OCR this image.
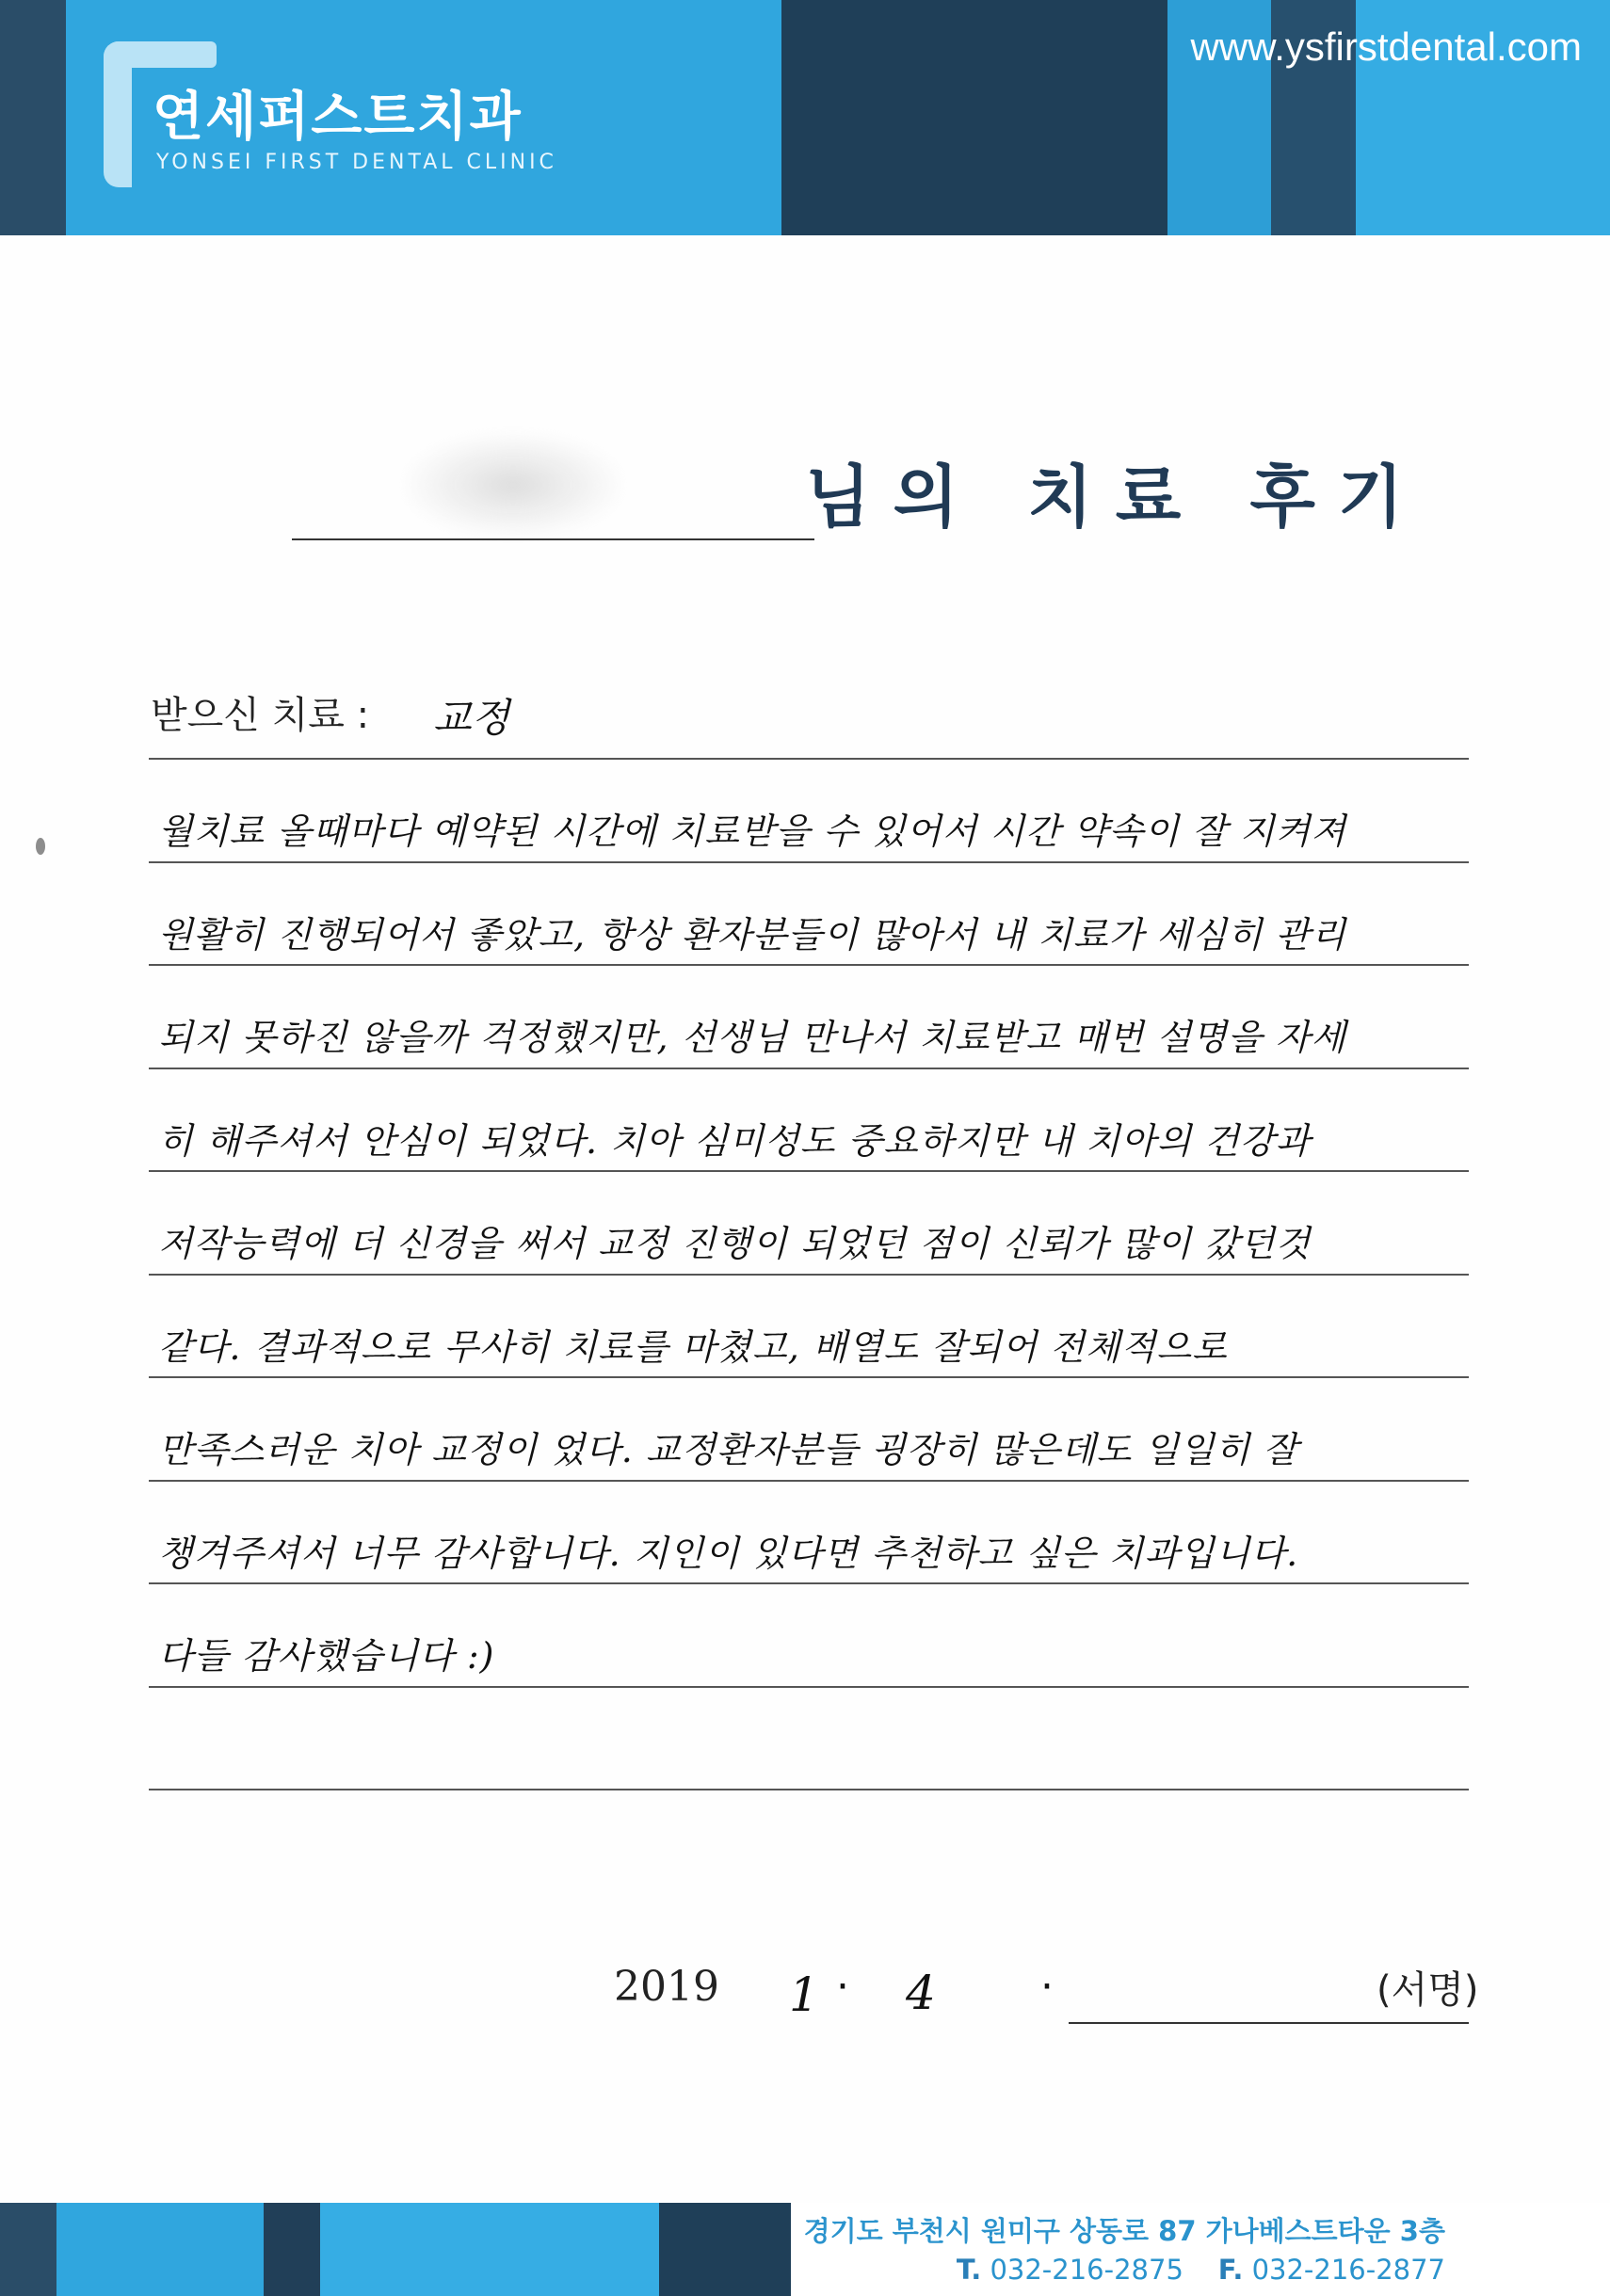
연세퍼스트치과
YONSEI FIRST DENTAL CLINIC
www.ysfirstdental.com
님의 치료 후기
받으신 치료 : 교정
월치료 올때마다 예약된 시간에 치료받을 수 있어서 시간 약속이 잘 지켜져
원활히 진행되어서 좋았고, 항상 환자분들이 많아서 내 치료가 세심히 관리
되지 못하진 않을까 걱정했지만, 선생님 만나서 치료받고 매번 설명을 자세
히 해주셔서 안심이 되었다. 치아 심미성도 중요하지만 내 치아의 건강과
저작능력에 더 신경을 써서 교정 진행이 되었던 점이 신뢰가 많이 갔던것
같다. 결과적으로 무사히 치료를 마쳤고, 배열도 잘되어 전체적으로
만족스러운 치아 교정이 었다. 교정환자분들 굉장히 많은데도 일일히 잘
챙겨주셔서 너무 감사합니다. 지인이 있다면 추천하고 싶은 치과입니다.
다들 감사했습니다 :)
2019 1 · 4	·	(서명)
경기도 부천시 원미구 상동로 87 가나베스트타운 3층
T. 032-216-2875 F. 032-216-2877
